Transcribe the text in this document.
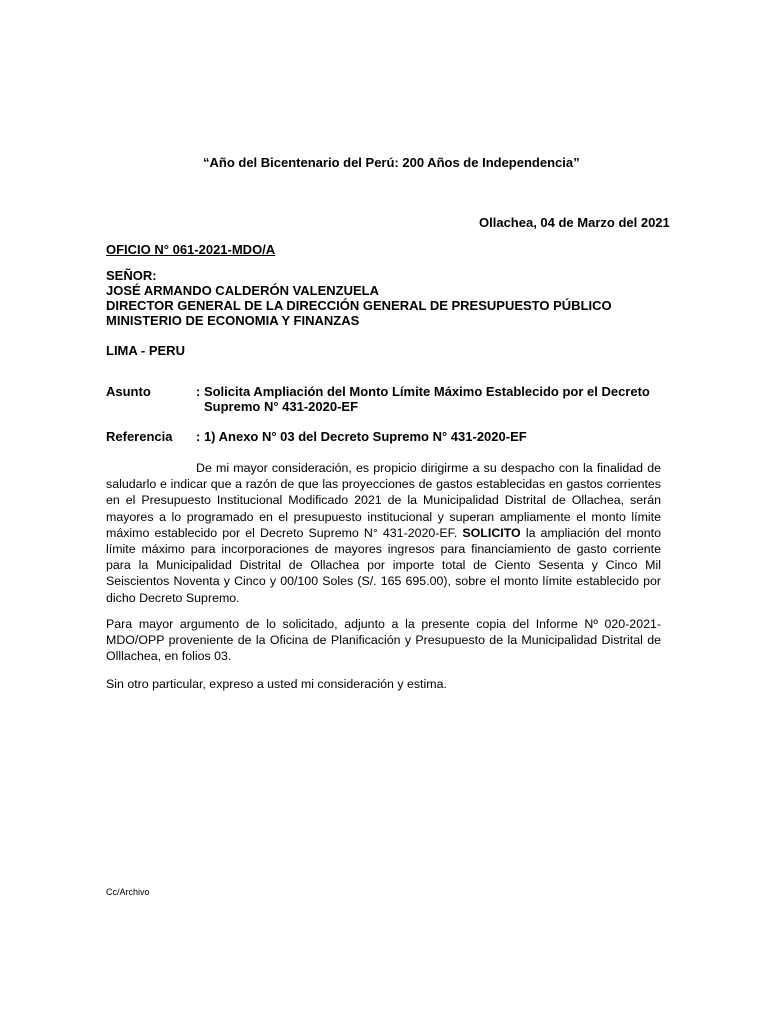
“Año del Bicentenario del Perú: 200 Años de Independencia”
Ollachea, 04 de Marzo del 2021
OFICIO N° 061-2021-MDO/A
SEÑOR:
JOSÉ ARMANDO CALDERÓN VALENZUELA
DIRECTOR GENERAL DE LA DIRECCIÓN GENERAL DE PRESUPUESTO PÚBLICO
MINISTERIO DE ECONOMIA Y FINANZAS
LIMA - PERU
Asunto	: Solicita Ampliación del Monto Límite Máximo Establecido por el Decreto
Supremo N° 431-2020-EF
Referencia : 1) Anexo N° 03 del Decreto Supremo N° 431-2020-EF
De mi mayor consideración, es propicio dirigirme a su despacho con la finalidad de saludarlo e indicar que a razón de que las proyecciones de gastos establecidas en gastos corrientes en el Presupuesto Institucional Modificado 2021 de la Municipalidad Distrital de Ollachea, serán mayores a lo programado en el presupuesto institucional y superan ampliamente el monto límite máximo establecido por el Decreto Supremo N° 431-2020-EF. SOLICITO la ampliación del monto límite máximo para incorporaciones de mayores ingresos para financiamiento de gasto corriente para la Municipalidad Distrital de Ollachea por importe total de Ciento Sesenta y Cinco Mil Seiscientos Noventa y Cinco y 00/100 Soles (S/. 165 695.00), sobre el monto límite establecido por dicho Decreto Supremo.
Para mayor argumento de lo solicitado, adjunto a la presente copia del Informe Nº 020-2021-MDO/OPP proveniente de la Oficina de Planificación y Presupuesto de la Municipalidad Distrital de Olllachea, en folios 03.
Sin otro particular, expreso a usted mi consideración y estima.
Cc/Archivo
